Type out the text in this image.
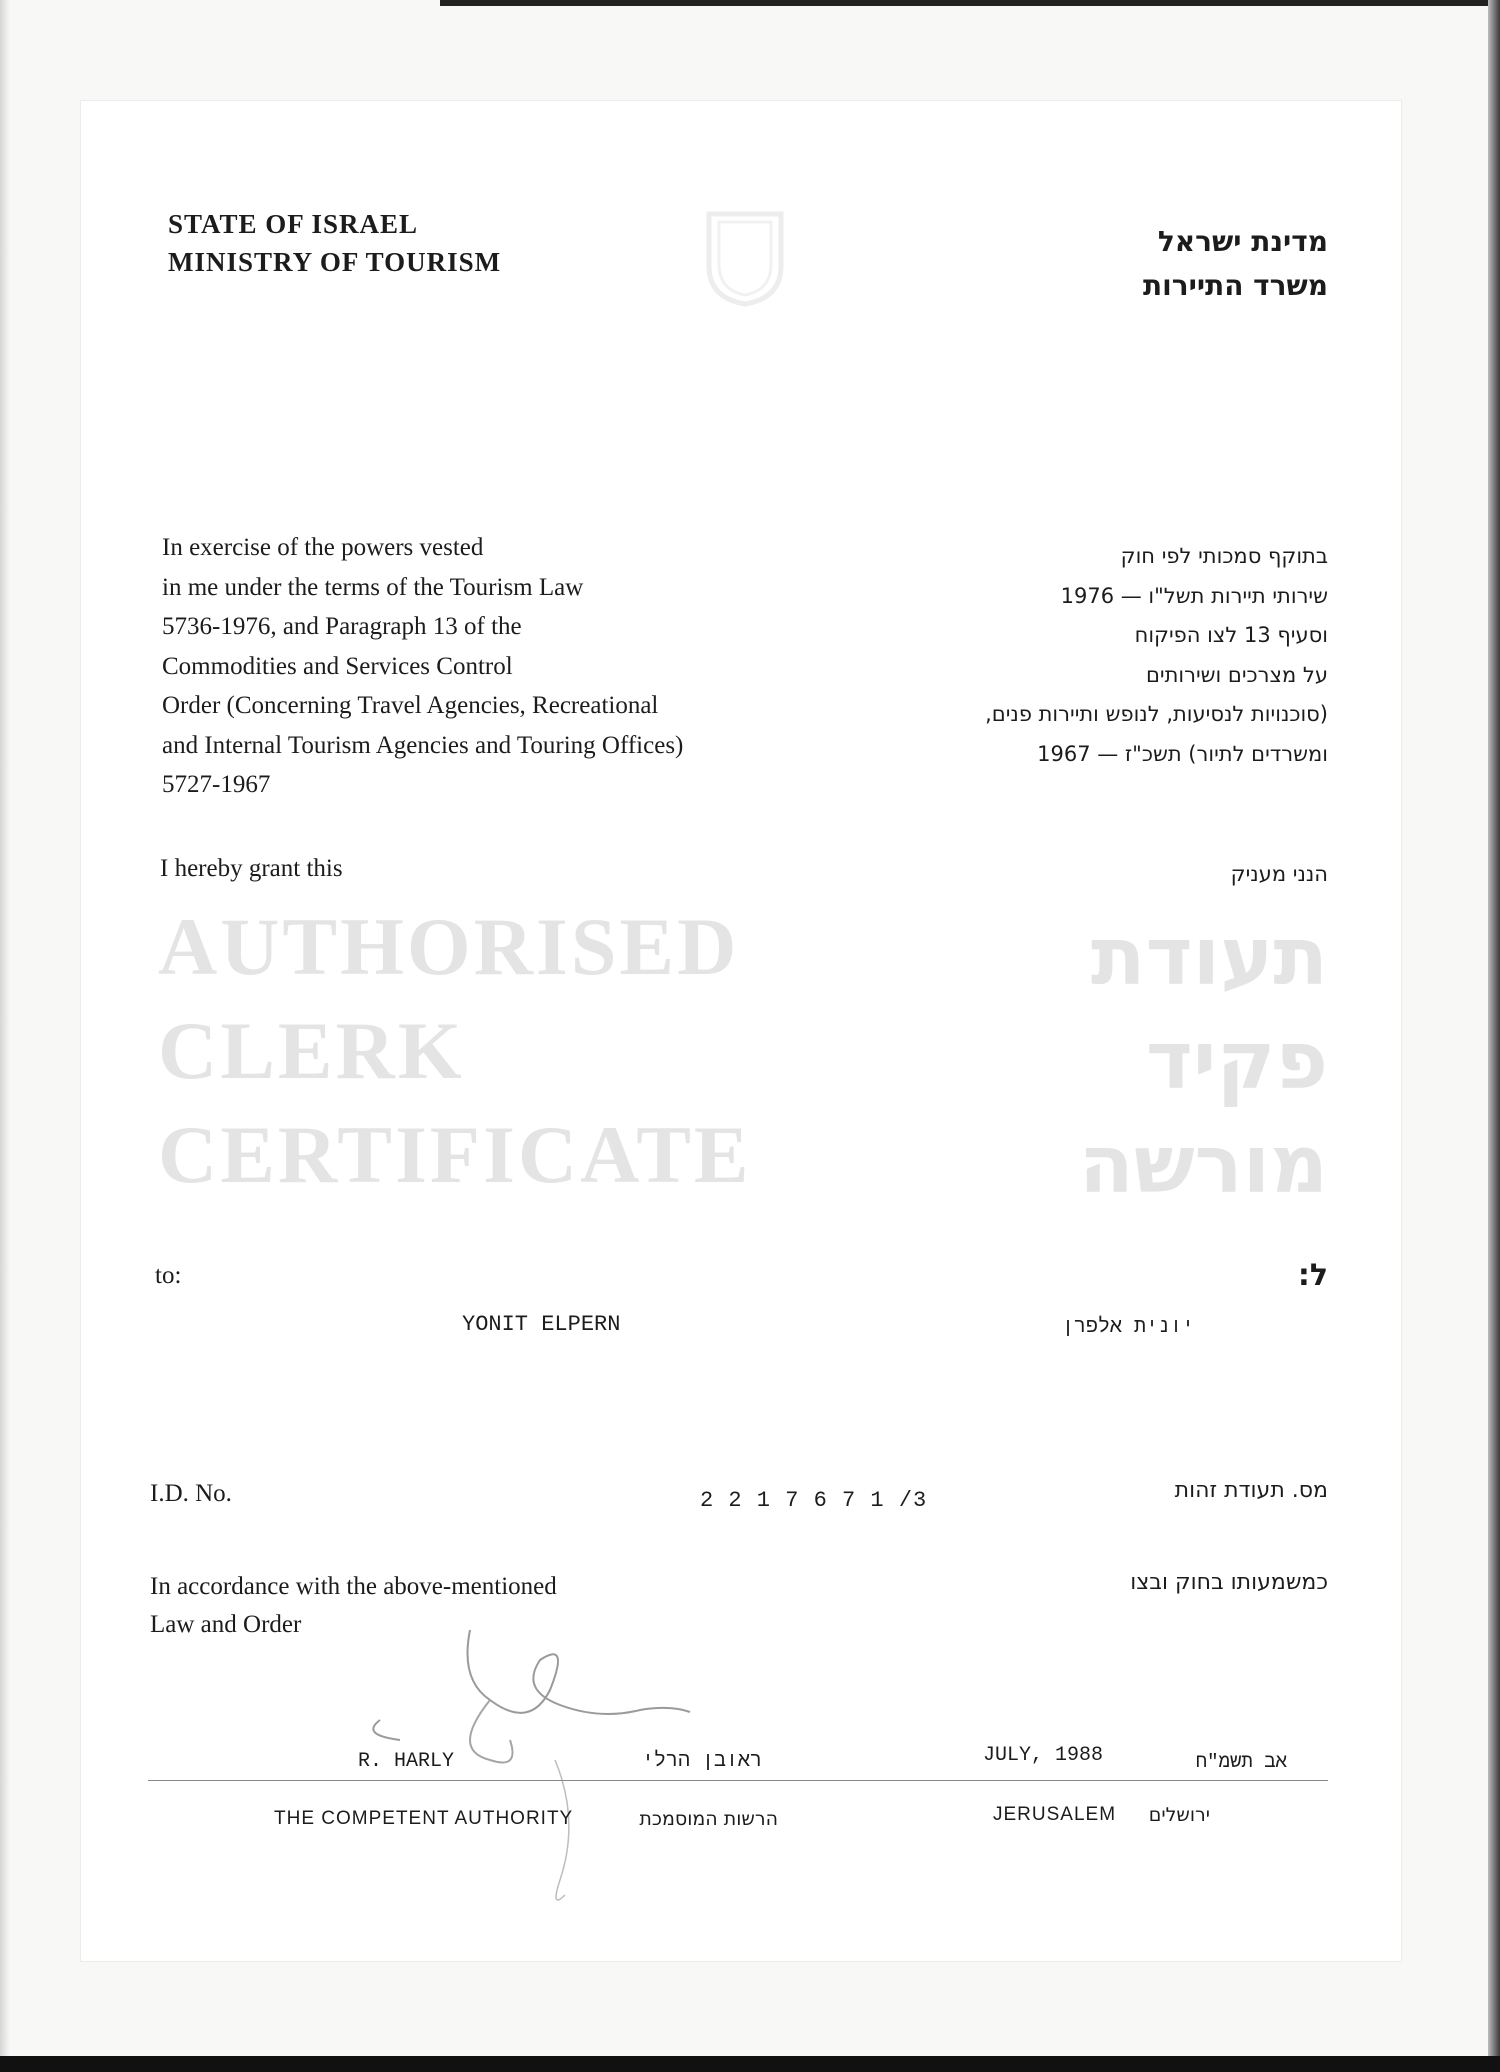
STATE OF ISRAEL
MINISTRY OF TOURISM
מדינת ישראל
משרד התיירות
In exercise of the powers vested
in me under the terms of the Tourism Law
5736-1976, and Paragraph 13 of the
Commodities and Services Control
Order (Concerning Travel Agencies, Recreational
and Internal Tourism Agencies and Touring Offices)
5727-1967
בתוקף סמכותי לפי חוק
שירותי תיירות תשל"ו — 1976
וסעיף 13 לצו הפיקוח
על מצרכים ושירותים
(סוכנויות לנסיעות, לנופש ותיירות פנים,
ומשרדים לתיור) תשכ"ז — 1967
I hereby grant this	הנני מעניק
AUTHORISED
CLERK
CERTIFICATE
תעודת
פקיד
מורשה
to:	ל:
YONIT ELPERN	יונית אלפרן
I.D. No.	2 2 1 7 6 7 1 /3	מס. תעודת זהות
In accordance with the above-mentioned
Law and Order
כמשמעותו בחוק ובצו
R. HARLY	ראובן הרלי	JULY, 1988	אב תשמ"ח
THE COMPETENT AUTHORITY	הרשות המוסמכת	JERUSALEM ירושלים
